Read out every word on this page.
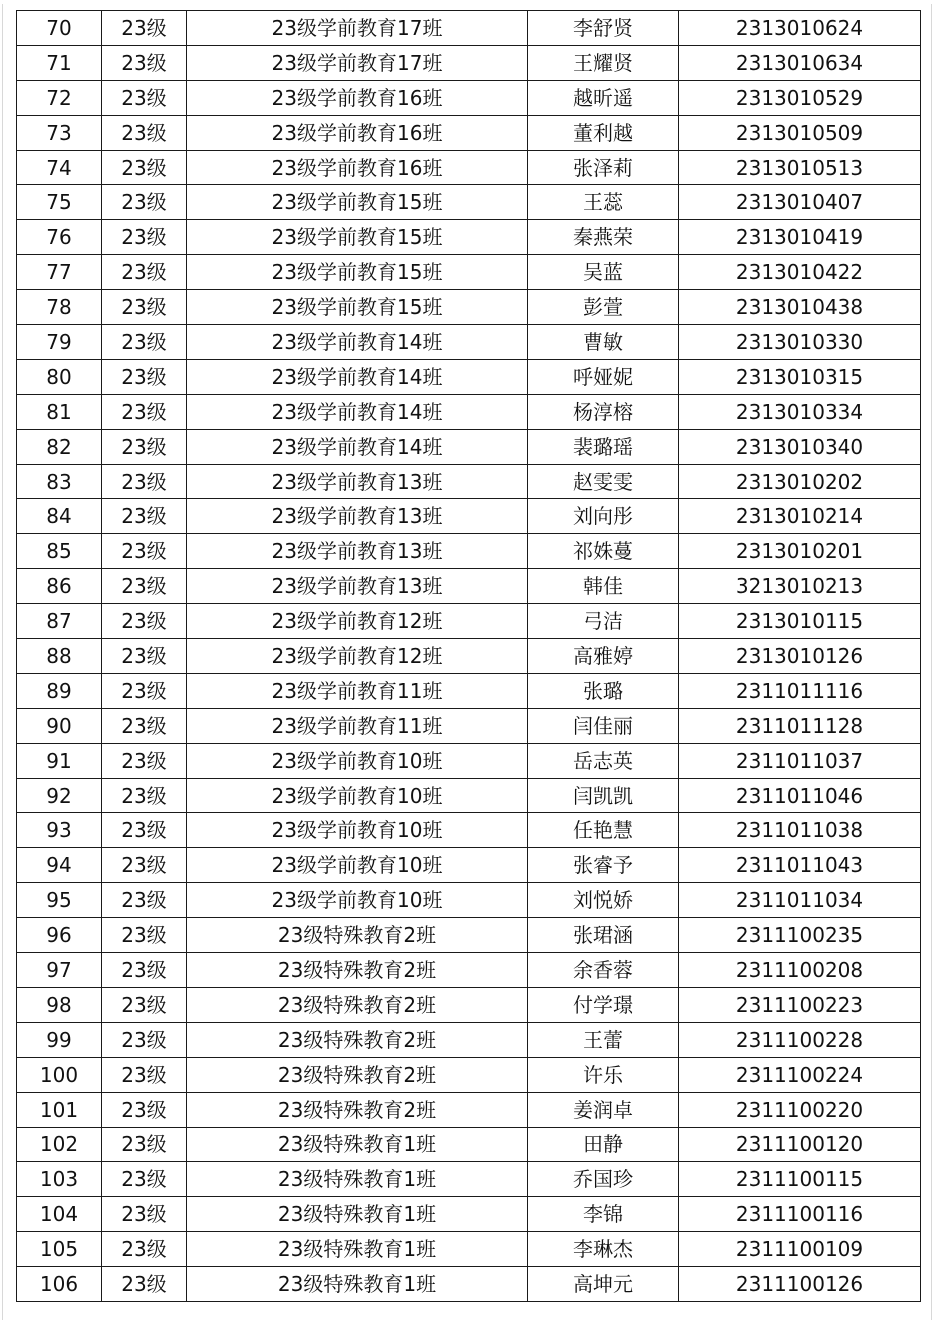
70	23级	23级学前教育17班	李舒贤	2313010624
71	23级	23级学前教育17班	王耀贤	2313010634
72	23级	23级学前教育16班	越昕遥	2313010529
73	23级	23级学前教育16班	董利越	2313010509
74	23级	23级学前教育16班	张泽莉	2313010513
75	23级	23级学前教育15班	王蕊	2313010407
76	23级	23级学前教育15班	秦燕荣	2313010419
77	23级	23级学前教育15班	吴蓝	2313010422
78	23级	23级学前教育15班	彭萱	2313010438
79	23级	23级学前教育14班	曹敏	2313010330
80	23级	23级学前教育14班	呼娅妮	2313010315
81	23级	23级学前教育14班	杨淳榕	2313010334
82	23级	23级学前教育14班	裴璐瑶	2313010340
83	23级	23级学前教育13班	赵雯雯	2313010202
84	23级	23级学前教育13班	刘向彤	2313010214
85	23级	23级学前教育13班	祁姝蔓	2313010201
86	23级	23级学前教育13班	韩佳	3213010213
87	23级	23级学前教育12班	弓洁	2313010115
88	23级	23级学前教育12班	高雅婷	2313010126
89	23级	23级学前教育11班	张璐	2311011116
90	23级	23级学前教育11班	闫佳丽	2311011128
91	23级	23级学前教育10班	岳志英	2311011037
92	23级	23级学前教育10班	闫凯凯	2311011046
93	23级	23级学前教育10班	任艳慧	2311011038
94	23级	23级学前教育10班	张睿予	2311011043
95	23级	23级学前教育10班	刘悦娇	2311011034
96	23级	23级特殊教育2班	张珺涵	2311100235
97	23级	23级特殊教育2班	余香蓉	2311100208
98	23级	23级特殊教育2班	付学璟	2311100223
99	23级	23级特殊教育2班	王蕾	2311100228
100	23级	23级特殊教育2班	许乐	2311100224
101	23级	23级特殊教育2班	姜润卓	2311100220
102	23级	23级特殊教育1班	田静	2311100120
103	23级	23级特殊教育1班	乔国珍	2311100115
104	23级	23级特殊教育1班	李锦	2311100116
105	23级	23级特殊教育1班	李琳杰	2311100109
106	23级	23级特殊教育1班	高坤元	2311100126
